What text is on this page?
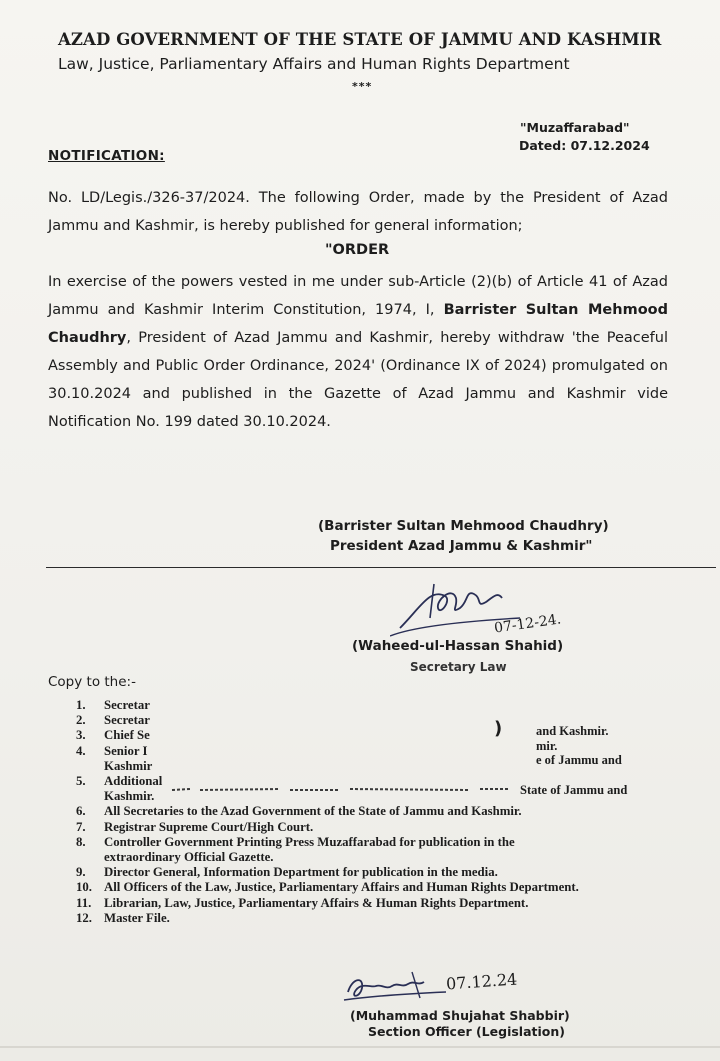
AZAD GOVERNMENT OF THE STATE OF JAMMU AND KASHMIR
Law, Justice, Parliamentary Affairs and Human Rights Department
***
"Muzaffarabad"
Dated: 07.12.2024
NOTIFICATION:
No. LD/Legis./326-37/2024. The following Order, made by the President of Azad Jammu and Kashmir, is hereby published for general information;
"ORDER
In exercise of the powers vested in me under sub-Article (2)(b) of Article 41 of Azad Jammu and Kashmir Interim Constitution, 1974, I, Barrister Sultan Mehmood Chaudhry, President of Azad Jammu and Kashmir, hereby withdraw 'the Peaceful Assembly and Public Order Ordinance, 2024' (Ordinance IX of 2024) promulgated on 30.10.2024 and published in the Gazette of Azad Jammu and Kashmir vide Notification No. 199 dated 30.10.2024.
(Barrister Sultan Mehmood Chaudhry)
President Azad Jammu & Kashmir"
07-12-24.
(Waheed-ul-Hassan Shahid)
Secretary Law
Copy to the:-
1.	Secretar
2.	Secretar
3.	Chief Se
4.	Senior I
Kashmir
5.	Additional
Kashmir.
6.	All Secretaries to the Azad Government of the State of Jammu and Kashmir.
7.	Registrar Supreme Court/High Court.
8.	Controller Government Printing Press Muzaffarabad for publication in the
extraordinary Official Gazette.
9.	Director General, Information Department for publication in the media.
10. All Officers of the Law, Justice, Parliamentary Affairs and Human Rights Department.
11. Librarian, Law, Justice, Parliamentary Affairs & Human Rights Department.
12. Master File.
)	and Kashmir.
mir.
e of Jammu and
State of Jammu and
07.12.24
(Muhammad Shujahat Shabbir)
Section Officer (Legislation)
